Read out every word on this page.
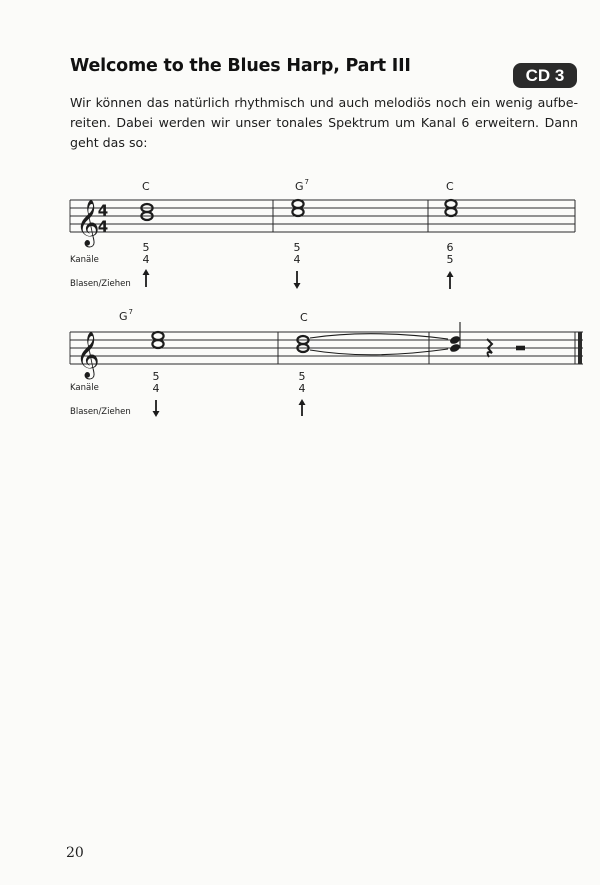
Welcome to the Blues Harp, Part III	CD 3
Wir können das natürlich rhythmisch und auch melodiös noch ein wenig aufbe-
reiten. Dabei werden wir unser tonales Spektrum um Kanal 6 erweitern. Dann
geht das so:
𝄞
4
4
C	$G^7$	C
Kanäle
Blasen/Ziehen
5
4
5
4
6
5
𝄞
$G^7$	C
Kanäle
Blasen/Ziehen
5
4
5
4
20
